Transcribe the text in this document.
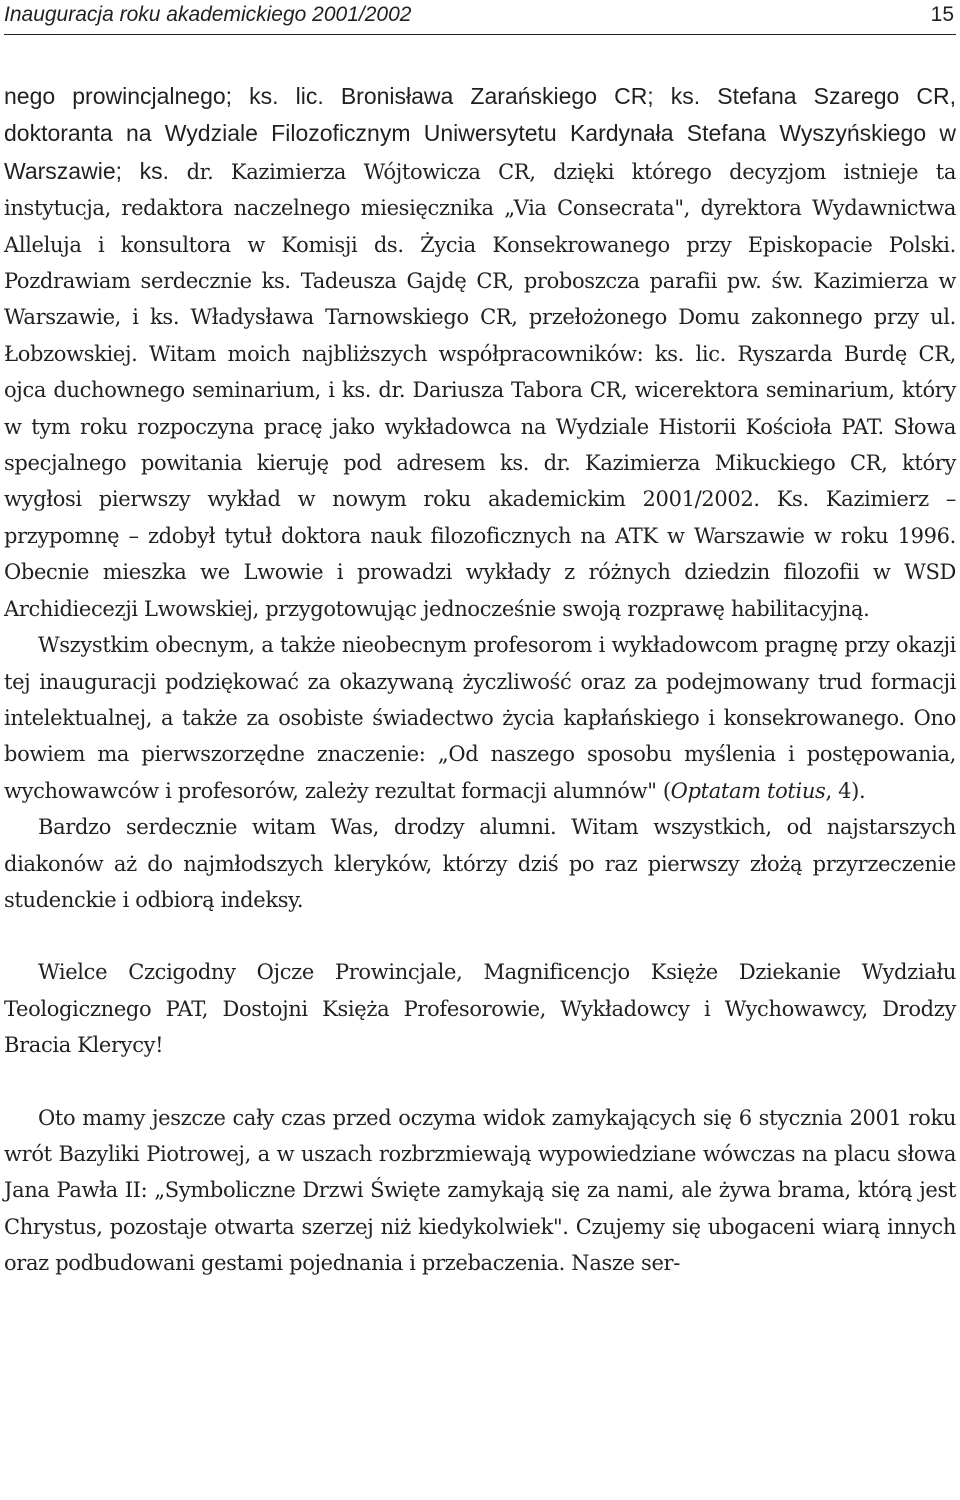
Inauguracja roku akademickiego 2001/2002	15

nego prowincjalnego; ks. lic. Bronisława Zarańskiego CR; ks. Stefana Szarego CR, doktoranta na Wydziale Filozoficznym Uniwersytetu Kardynała Stefana Wyszyńskiego w Warszawie; ks. dr. Kazimierza Wójtowicza CR, dzięki którego decyzjom istnieje ta instytucja, redaktora naczelnego miesięcznika „Via Consecrata", dyrektora Wydawnictwa Alleluja i konsultora w Komisji ds. Życia Konsekrowanego przy Episkopacie Polski. Pozdrawiam serdecznie ks. Tadeusza Gajdę CR, proboszcza parafii pw. św. Kazimierza w Warszawie, i ks. Władysława Tarnowskiego CR, przełożonego Domu zakonnego przy ul. Łobzowskiej. Witam moich najbliższych współpracowników: ks. lic. Ryszarda Burdę CR, ojca duchownego seminarium, i ks. dr. Dariusza Tabora CR, wicerektora seminarium, który w tym roku rozpoczyna pracę jako wykładowca na Wydziale Historii Kościoła PAT. Słowa specjalnego powitania kieruję pod adresem ks. dr. Kazimierza Mikuckiego CR, który wygłosi pierwszy wykład w nowym roku akademickim 2001/2002. Ks. Kazimierz – przypomnę – zdobył tytuł doktora nauk filozoficznych na ATK w Warszawie w roku 1996. Obecnie mieszka we Lwowie i prowadzi wykłady z różnych dziedzin filozofii w WSD Archidiecezji Lwowskiej, przygotowując jednocześnie swoją rozprawę habilitacyjną.

Wszystkim obecnym, a także nieobecnym profesorom i wykładowcom pragnę przy okazji tej inauguracji podziękować za okazywaną życzliwość oraz za podejmowany trud formacji intelektualnej, a także za osobiste świadectwo życia kapłańskiego i konsekrowanego. Ono bowiem ma pierwszorzędne znaczenie: „Od naszego sposobu myślenia i postępowania, wychowawców i profesorów, zależy rezultat formacji alumnów" (Optatam totius, 4).

Bardzo serdecznie witam Was, drodzy alumni. Witam wszystkich, od najstarszych diakonów aż do najmłodszych kleryków, którzy dziś po raz pierwszy złożą przyrzeczenie studenckie i odbiorą indeksy.

Wielce Czcigodny Ojcze Prowincjale, Magnificencjo Księże Dziekanie Wydziału Teologicznego PAT, Dostojni Księża Profesorowie, Wykładowcy i Wychowawcy, Drodzy Bracia Klerycy!

Oto mamy jeszcze cały czas przed oczyma widok zamykających się 6 stycznia 2001 roku wrót Bazyliki Piotrowej, a w uszach rozbrzmiewają wypowiedziane wówczas na placu słowa Jana Pawła II: „Symboliczne Drzwi Święte zamykają się za nami, ale żywa brama, którą jest Chrystus, pozostaje otwarta szerzej niż kiedykolwiek". Czujemy się ubogaceni wiarą innych oraz podbudowani gestami pojednania i przebaczenia. Nasze ser-
